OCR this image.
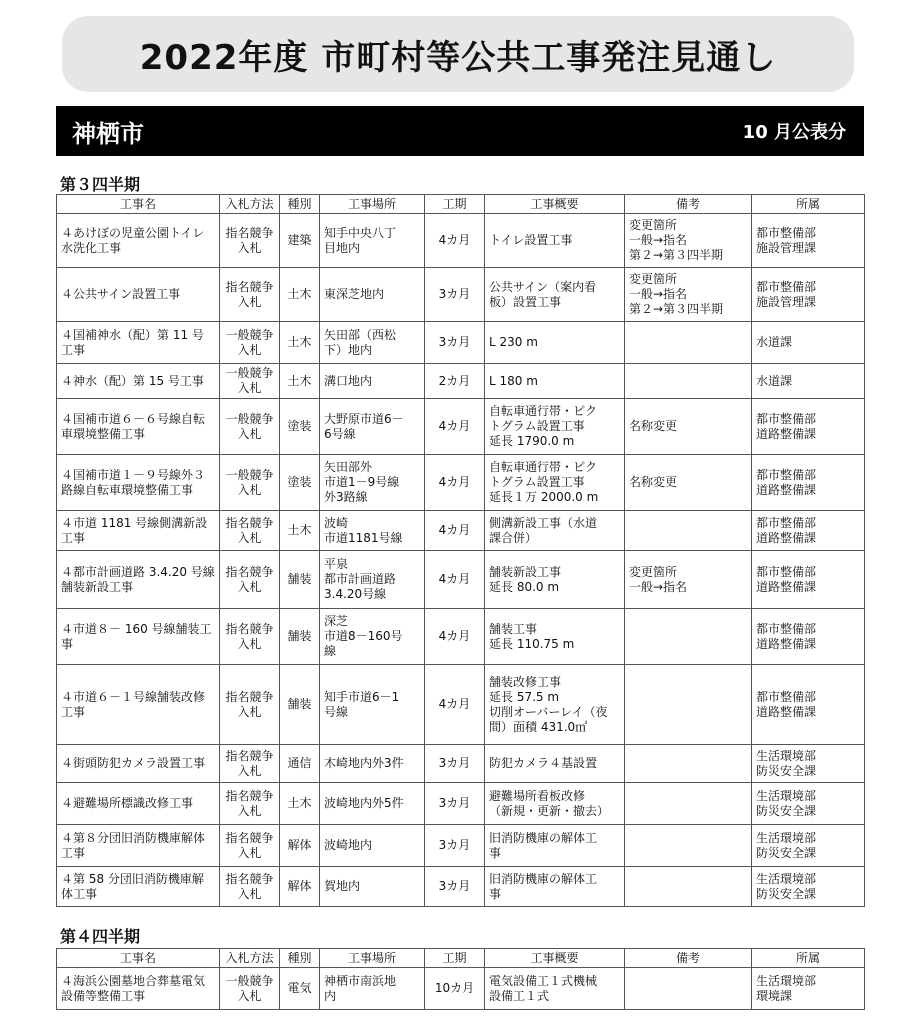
2022年度 市町村等公共工事発注見通し
神栖市	10 月公表分
第３四半期
工事名	入札方法	種別	工事場所	工期	工事概要	備考	所属
４あけぼの児童公園トイレ水洗化工事	指名競争
入札	建築	知手中央八丁
目地内	4カ月	トイレ設置工事	変更箇所
一般→指名
第２→第３四半期	都市整備部
施設管理課
４公共サイン設置工事	指名競争
入札	土木	東深芝地内	3カ月	公共サイン（案内看
板）設置工事	変更箇所
一般→指名
第２→第３四半期	都市整備部
施設管理課
４国補神水（配）第 11 号工事	一般競争
入札	土木	矢田部（西松
下）地内	3カ月	L 230 m		水道課
４神水（配）第 15 号工事	一般競争
入札	土木	溝口地内	2カ月	L 180 m		水道課
４国補市道６－６号線自転車環境整備工事	一般競争
入札	塗装	大野原市道6－
6号線	4カ月	自転車通行帯・ピク
トグラム設置工事
延長 1790.0 m	名称変更	都市整備部
道路整備課
４国補市道１－９号線外３路線自転車環境整備工事	一般競争
入札	塗装	矢田部外
市道1－9号線
外3路線	4カ月	自転車通行帯・ピク
トグラム設置工事
延長１万 2000.0 m	名称変更	都市整備部
道路整備課
４市道 1181 号線側溝新設工事	指名競争
入札	土木	波崎
市道1181号線	4カ月	側溝新設工事（水道
課合併）		都市整備部
道路整備課
４都市計画道路 3.4.20 号線舗装新設工事	指名競争
入札	舗装	平泉
都市計画道路
3.4.20号線	4カ月	舗装新設工事
延長 80.0 m	変更箇所
一般→指名	都市整備部
道路整備課
４市道８－ 160 号線舗装工事	指名競争
入札	舗装	深芝
市道8－160号
線	4カ月	舗装工事
延長 110.75 m		都市整備部
道路整備課
４市道６－１号線舗装改修工事	指名競争
入札	舗装	知手市道6－1
号線	4カ月	舗装改修工事
延長 57.5 m
切削オーバーレイ（夜
間）面積 431.0㎡		都市整備部
道路整備課
４街頭防犯カメラ設置工事	指名競争
入札	通信	木崎地内外3件	3カ月	防犯カメラ４基設置		生活環境部
防災安全課
４避難場所標識改修工事	指名競争
入札	土木	波崎地内外5件	3カ月	避難場所看板改修
（新規・更新・撤去）		生活環境部
防災安全課
４第８分団旧消防機庫解体工事	指名競争
入札	解体	波崎地内	3カ月	旧消防機庫の解体工
事		生活環境部
防災安全課
４第 58 分団旧消防機庫解体工事	指名競争
入札	解体	賀地内	3カ月	旧消防機庫の解体工
事		生活環境部
防災安全課
第４四半期
工事名	入札方法	種別	工事場所	工期	工事概要	備考	所属
４海浜公園墓地合葬墓電気設備等整備工事	一般競争
入札	電気	神栖市南浜地
内	10カ月	電気設備工１式機械
設備工１式		生活環境部
環境課
